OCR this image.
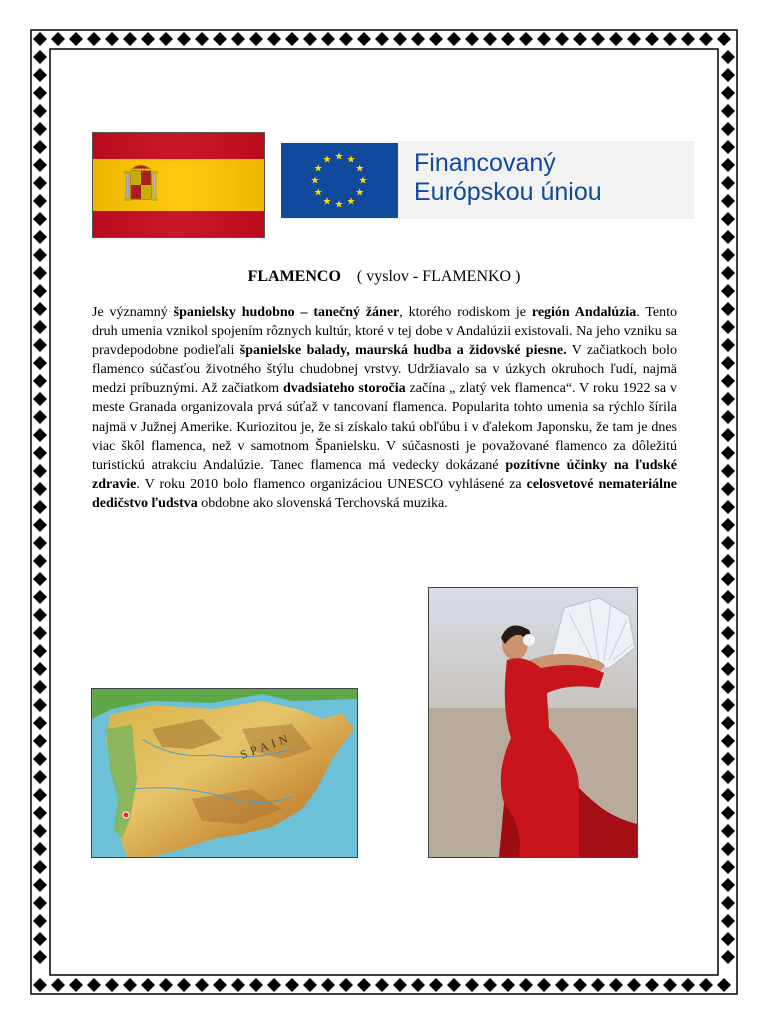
★ ★
★
★
★
★
★
★
★
★
★
★	Financovaný
Európskou úniou
FLAMENCO ( vyslov - FLAMENKO )
Je významný španielsky hudobno – tanečný žáner, ktorého rodiskom je región Andalúzia. Tento druh umenia vznikol spojením rôznych kultúr, ktoré v tej dobe v Andalúzii existovali. Na jeho vzniku sa pravdepodobne podieľali španielske balady, maurská hudba a židovské piesne. V začiatkoch bolo flamenco súčasťou životného štýlu chudobnej vrstvy. Udržiavalo sa v úzkych okruhoch ľudí, najmä medzi príbuznými. Až začiatkom dvadsiateho storočia začína „ zlatý vek flamenca“. V roku 1922 sa v meste Granada organizovala prvá súťaž v tancovaní flamenca. Popularita tohto umenia sa rýchlo šírila najmä v Južnej Amerike. Kuriozitou je, že si získalo takú obľúbu i v ďalekom Japonsku, že tam je dnes viac škôl flamenca, než v samotnom Španielsku. V súčasnosti je považované flamenco za dôležitú turistickú atrakciu Andalúzie. Tanec flamenca má vedecky dokázané pozitívne účinky na ľudské zdravie. V roku 2010 bolo flamenco organizáciou UNESCO vyhlásené za celosvetové nemateriálne dedičstvo ľudstva obdobne ako slovenská Terchovská muzika.
SPAIN
